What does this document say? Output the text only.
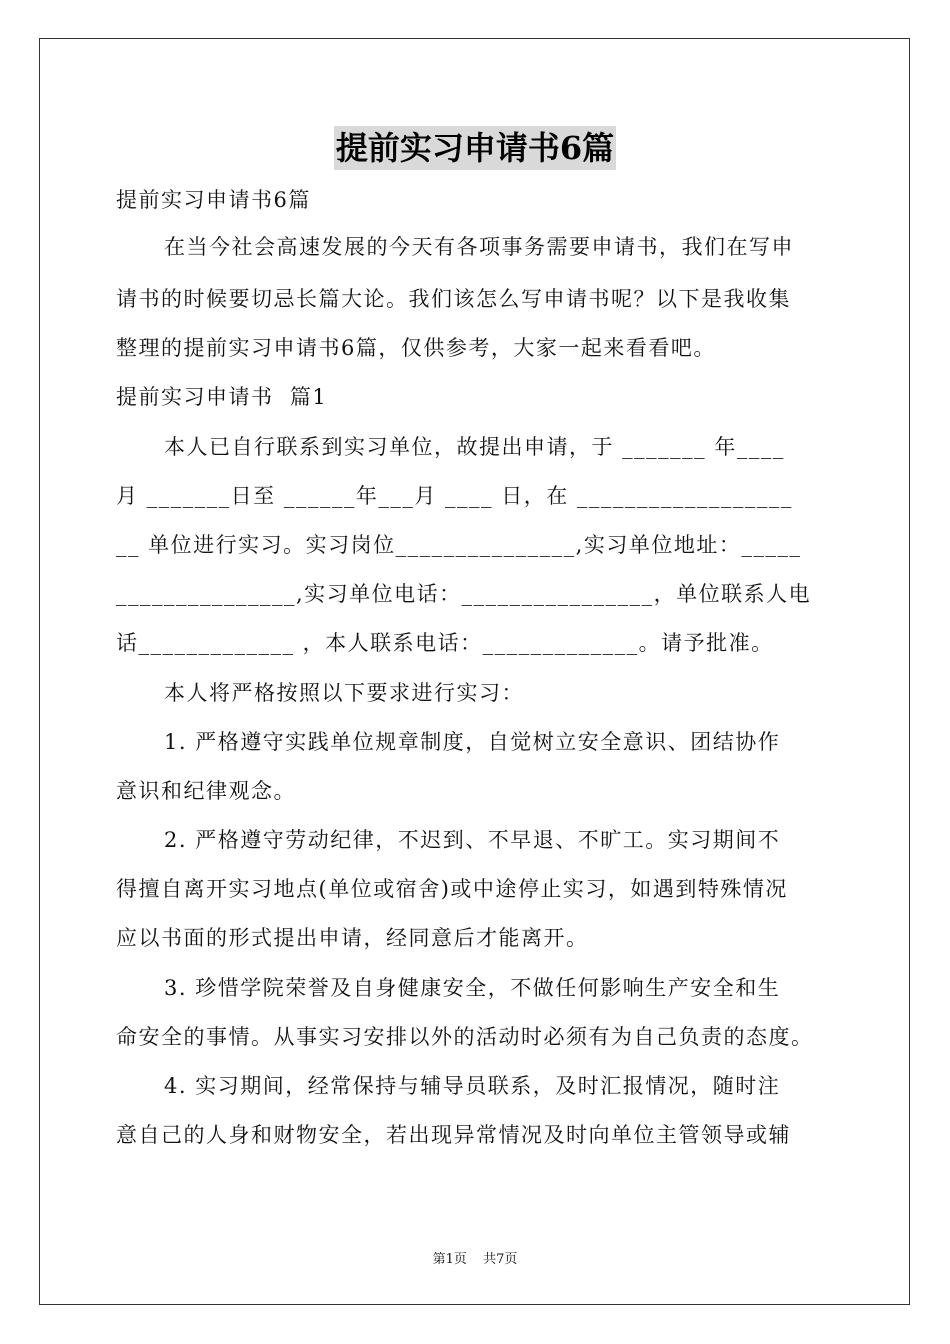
提前实习申请书6篇
提前实习申请书6篇
在当今社会高速发展的今天有各项事务需要申请书，我们在写申
请书的时候要切忌长篇大论。我们该怎么写申请书呢？以下是我收集
整理的提前实习申请书6篇，仅供参考，大家一起来看看吧。
提前实习申请书  篇1
本人已自行联系到实习单位，故提出申请，于 _______ 年____
月 _______日至 ______年___月 ____ 日，在 __________________
__ 单位进行实习。实习岗位_______________,实习单位地址：_____
_______________,实习单位电话：________________，单位联系人电
话_____________ ，本人联系电话：_____________。请予批准。
本人将严格按照以下要求进行实习：
1. 严格遵守实践单位规章制度，自觉树立安全意识、团结协作
意识和纪律观念。
2. 严格遵守劳动纪律，不迟到、不早退、不旷工。实习期间不
得擅自离开实习地点(单位或宿舍)或中途停止实习，如遇到特殊情况
应以书面的形式提出申请，经同意后才能离开。
3. 珍惜学院荣誉及自身健康安全，不做任何影响生产安全和生
命安全的事情。从事实习安排以外的活动时必须有为自己负责的态度。
4. 实习期间，经常保持与辅导员联系，及时汇报情况，随时注
意自己的人身和财物安全，若出现异常情况及时向单位主管领导或辅
第1页 共7页
